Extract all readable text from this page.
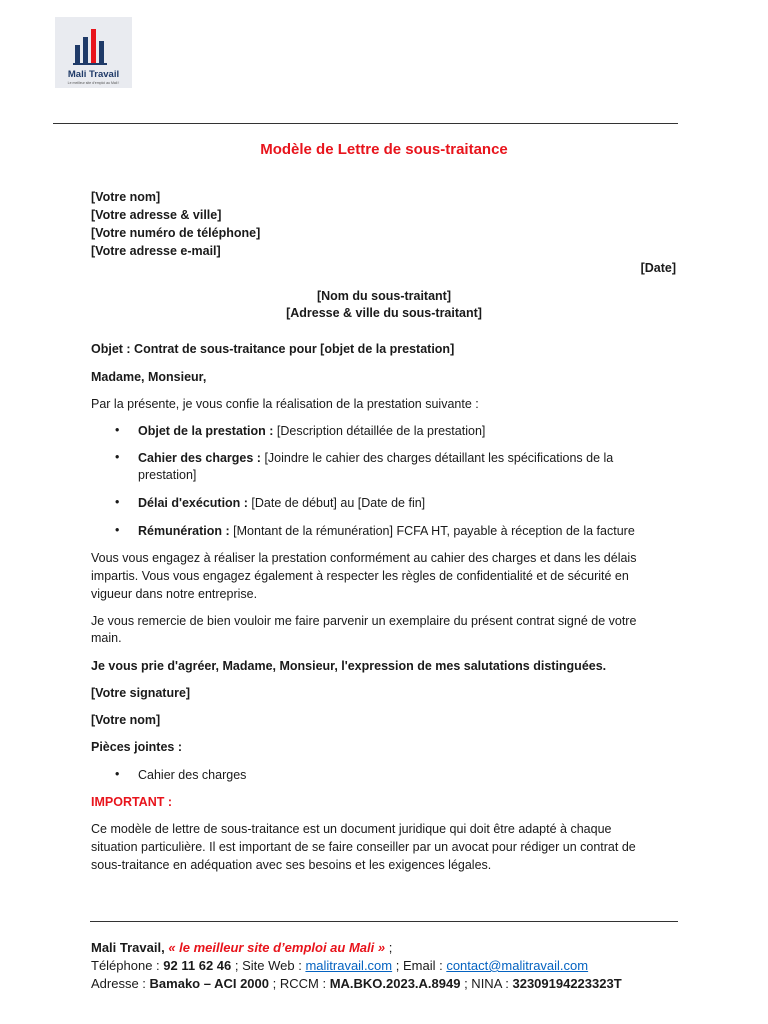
Mali Travail
Le meilleur site d'emploi au Mali !
Modèle de Lettre de sous-traitance
[Votre nom]
[Votre adresse & ville]
[Votre numéro de téléphone]
[Votre adresse e-mail]
[Date]
[Nom du sous-traitant]
[Adresse & ville du sous-traitant]
Objet : Contrat de sous-traitance pour [objet de la prestation]
Madame, Monsieur,
Par la présente, je vous confie la réalisation de la prestation suivante :
• Objet de la prestation : [Description détaillée de la prestation]
• Cahier des charges : [Joindre le cahier des charges détaillant les spécifications de la
prestation]
• Délai d'exécution : [Date de début] au [Date de fin]
• Rémunération : [Montant de la rémunération] FCFA HT, payable à réception de la facture
Vous vous engagez à réaliser la prestation conformément au cahier des charges et dans les délais
impartis. Vous vous engagez également à respecter les règles de confidentialité et de sécurité en
vigueur dans notre entreprise.
Je vous remercie de bien vouloir me faire parvenir un exemplaire du présent contrat signé de votre
main.
Je vous prie d'agréer, Madame, Monsieur, l'expression de mes salutations distinguées.
[Votre signature]
[Votre nom]
Pièces jointes :
• Cahier des charges
IMPORTANT :
Ce modèle de lettre de sous-traitance est un document juridique qui doit être adapté à chaque
situation particulière. Il est important de se faire conseiller par un avocat pour rédiger un contrat de
sous-traitance en adéquation avec ses besoins et les exigences légales.
Mali Travail, « le meilleur site d’emploi au Mali » ;
Téléphone : 92 11 62 46 ; Site Web : malitravail.com ; Email : contact@malitravail.com
Adresse : Bamako – ACI 2000 ; RCCM : MA.BKO.2023.A.8949 ; NINA : 32309194223323T
